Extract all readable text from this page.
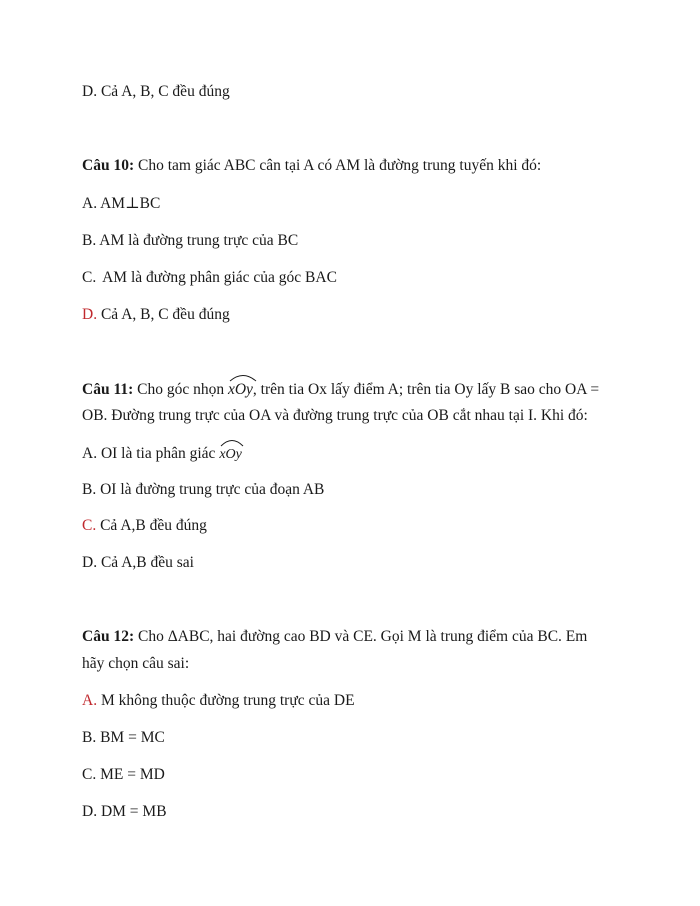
D. Cả A, B, C đều đúng
Câu 10: Cho tam giác ABC cân tại A có AM là đường trung tuyến khi đó:
A. AM⊥BC
B. AM là đường trung trực của BC
C. AM là đường phân giác của góc BAC
D. Cả A, B, C đều đúng
Câu 11: Cho góc nhọn xOy, trên tia Ox lấy điểm A; trên tia Oy lấy B sao cho OA =
OB. Đường trung trực của OA và đường trung trực của OB cắt nhau tại I. Khi đó:
A. OI là tia phân giác xOy
B. OI là đường trung trực của đoạn AB
C. Cả A,B đều đúng
D. Cả A,B đều sai
Câu 12: Cho ΔABC, hai đường cao BD và CE. Gọi M là trung điểm của BC. Em
hãy chọn câu sai:
A. M không thuộc đường trung trực của DE
B. BM = MC
C. ME = MD
D. DM = MB
